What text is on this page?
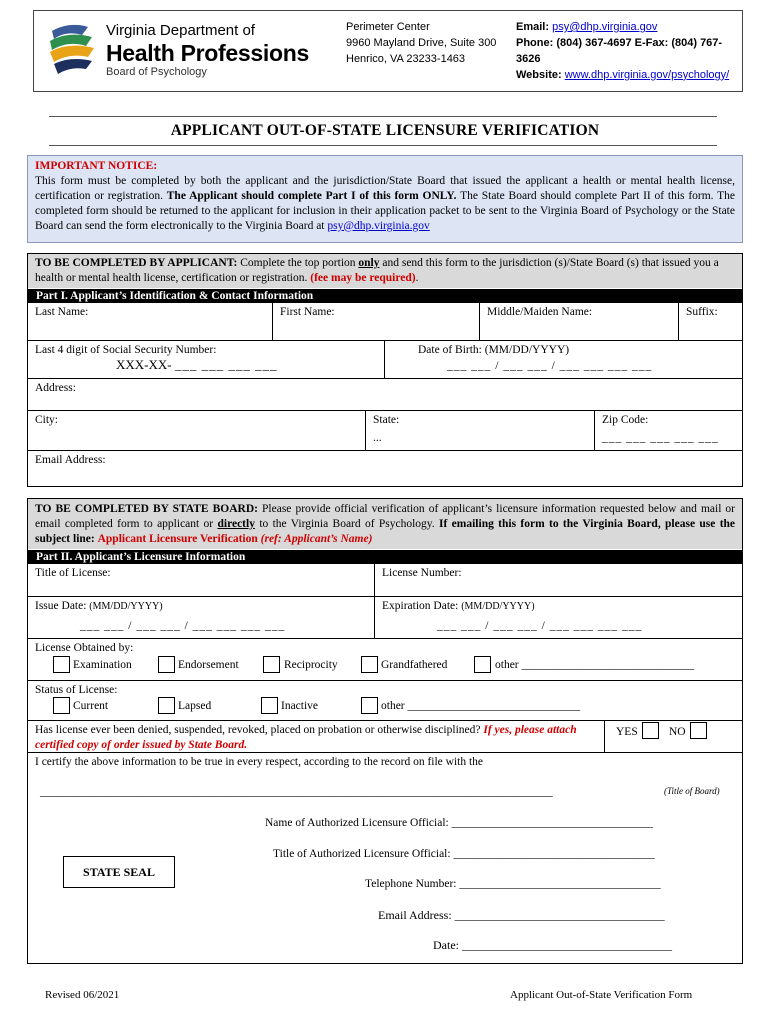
Virginia Department of
Health Professions
Board of Psychology
Perimeter Center
9960 Mayland Drive, Suite 300
Henrico, VA 23233-1463
Email: psy@dhp.virginia.gov
Phone: (804) 367-4697 E-Fax: (804) 767-3626
Website: www.dhp.virginia.gov/psychology/
APPLICANT OUT-OF-STATE LICENSURE VERIFICATION
IMPORTANT NOTICE:
This form must be completed by both the applicant and the jurisdiction/State Board that issued the applicant a health or mental health license, certification or registration. The Applicant should complete Part I of this form ONLY. The State Board should complete Part II of this form. The completed form should be returned to the applicant for inclusion in their application packet to be sent to the Virginia Board of Psychology or the State Board can send the form electronically to the Virginia Board at psy@dhp.virginia.gov
TO BE COMPLETED BY APPLICANT: Complete the top portion only and send this form to the jurisdiction (s)/State Board (s) that issued you a health or mental health license, certification or registration. (fee may be required).
Part I. Applicant’s Identification & Contact Information
Last Name:	First Name:	Middle/Maiden Name:	Suffix:
Last 4 digit of Social Security Number:
XXX-XX- ___ ___ ___ ___
Date of Birth: (MM/DD/YYYY)
___ ___ / ___ ___ / ___ ___ ___ ___
Address:
City:	State:
...
Zip Code:
___ ___ ___ ___ ___
Email Address:
TO BE COMPLETED BY STATE BOARD: Please provide official verification of applicant’s licensure information requested below and mail or email completed form to applicant or directly to the Virginia Board of Psychology. If emailing this form to the Virginia Board, please use the subject line: Applicant Licensure Verification (ref: Applicant’s Name)
Part II. Applicant’s Licensure Information
Title of License:	License Number:
Issue Date: (MM/DD/YYYY)
___ ___ / ___ ___ / ___ ___ ___ ___
Expiration Date: (MM/DD/YYYY)
___ ___ / ___ ___ / ___ ___ ___ ___
License Obtained by:
Examination	Endorsement	Reciprocity	Grandfathered	other ______________________________
Status of License:
Current	Lapsed	Inactive	other ______________________________
Has license ever been denied, suspended, revoked, placed on probation or otherwise disciplined? If yes, please attach certified copy of order issued by State Board.
YES	NO
I certify the above information to be true in every respect, according to the record on file with the
______________________________________________________________________________________________	(Title of Board)
Name of Authorized Licensure Official: ___________________________________
Title of Authorized Licensure Official: ___________________________________
Telephone Number: ___________________________________
Email Address: ___________________________________
Date: ___________________________________
STATE SEAL
Revised 06/2021	Applicant Out-of-State Verification Form
